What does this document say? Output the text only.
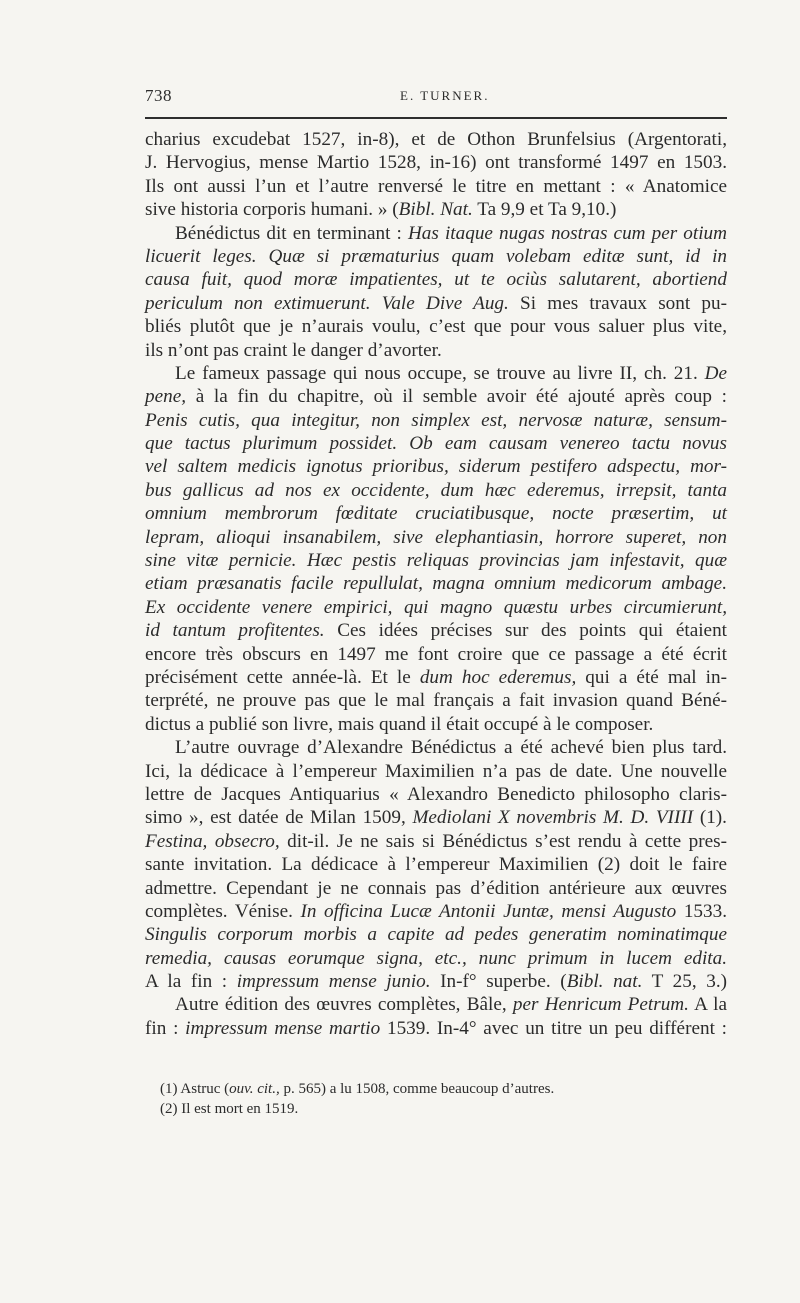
738	E. TURNER.
charius excudebat 1527, in-8), et de Othon Brunfelsius (Argentorati,
J. Hervogius, mense Martio 1528, in-16) ont transformé 1497 en 1503.
Ils ont aussi l’un et l’autre renversé le titre en mettant : « Anatomice
sive historia corporis humani. » (Bibl. Nat. Ta 9,9 et Ta 9,10.)
Bénédictus dit en terminant : Has itaque nugas nostras cum per otium
licuerit leges. Quæ si præmaturius quam volebam editæ sunt, id in
causa fuit, quod moræ impatientes, ut te ociùs salutarent, abortiend
periculum non extimuerunt. Vale Dive Aug. Si mes travaux sont pu-
bliés plutôt que je n’aurais voulu, c’est que pour vous saluer plus vite,
ils n’ont pas craint le danger d’avorter.
Le fameux passage qui nous occupe, se trouve au livre II, ch. 21. De
pene, à la fin du chapitre, où il semble avoir été ajouté après coup :
Penis cutis, qua integitur, non simplex est, nervosæ naturæ, sensum-
que tactus plurimum possidet. Ob eam causam venereo tactu novus
vel saltem medicis ignotus prioribus, siderum pestifero adspectu, mor-
bus gallicus ad nos ex occidente, dum hæc ederemus, irrepsit, tanta
omnium membrorum fœditate cruciatibusque, nocte præsertim, ut
lepram, alioqui insanabilem, sive elephantiasin, horrore superet, non
sine vitæ pernicie. Hæc pestis reliquas provincias jam infestavit, quæ
etiam præsanatis facile repullulat, magna omnium medicorum ambage.
Ex occidente venere empirici, qui magno quæstu urbes circumierunt,
id tantum profitentes. Ces idées précises sur des points qui étaient
encore très obscurs en 1497 me font croire que ce passage a été écrit
précisément cette année-là. Et le dum hoc ederemus, qui a été mal in-
terprété, ne prouve pas que le mal français a fait invasion quand Béné-
dictus a publié son livre, mais quand il était occupé à le composer.
L’autre ouvrage d’Alexandre Bénédictus a été achevé bien plus tard.
Ici, la dédicace à l’empereur Maximilien n’a pas de date. Une nouvelle
lettre de Jacques Antiquarius « Alexandro Benedicto philosopho claris-
simo », est datée de Milan 1509, Mediolani X novembris M. D. VIIII (1).
Festina, obsecro, dit-il. Je ne sais si Bénédictus s’est rendu à cette pres-
sante invitation. La dédicace à l’empereur Maximilien (2) doit le faire
admettre. Cependant je ne connais pas d’édition antérieure aux œuvres
complètes. Vénise. In officina Lucæ Antonii Juntæ, mensi Augusto 1533.
Singulis corporum morbis a capite ad pedes generatim nominatimque
remedia, causas eorumque signa, etc., nunc primum in lucem edita.
A la fin : impressum mense junio. In-f° superbe. (Bibl. nat. T 25, 3.)
Autre édition des œuvres complètes, Bâle, per Henricum Petrum. A la
fin : impressum mense martio 1539. In-4° avec un titre un peu différent :
(1) Astruc (ouv. cit., p. 565) a lu 1508, comme beaucoup d’autres.
(2) Il est mort en 1519.
